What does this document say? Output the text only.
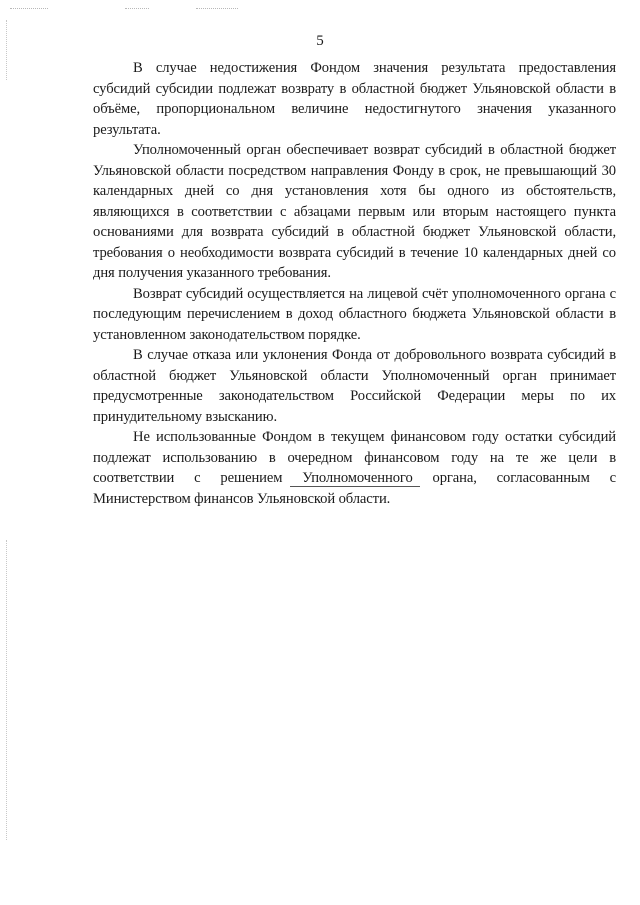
5

В случае недостижения Фондом значения результата предоставления субсидий субсидии подлежат возврату в областной бюджет Ульяновской области в объёме, пропорциональном величине недостигнутого значения указанного результата.

Уполномоченный орган обеспечивает возврат субсидий в областной бюджет Ульяновской области посредством направления Фонду в срок, не превышающий 30 календарных дней со дня установления хотя бы одного из обстоятельств, являющихся в соответствии с абзацами первым или вторым настоящего пункта основаниями для возврата субсидий в областной бюджет Ульяновской области, требования о необходимости возврата субсидий в течение 10 календарных дней со дня получения указанного требования.

Возврат субсидий осуществляется на лицевой счёт уполномоченного органа с последующим перечислением в доход областного бюджета Ульяновской области в установленном законодательством порядке.

В случае отказа или уклонения Фонда от добровольного возврата субсидий в областной бюджет Ульяновской области Уполномоченный орган принимает предусмотренные законодательством Российской Федерации меры по их принудительному взысканию.

Не использованные Фондом в текущем финансовом году остатки субсидий подлежат использованию в очередном финансовом году на те же цели в соответствии с решением Уполномоченного органа, согласованным с Министерством финансов Ульяновской области.
